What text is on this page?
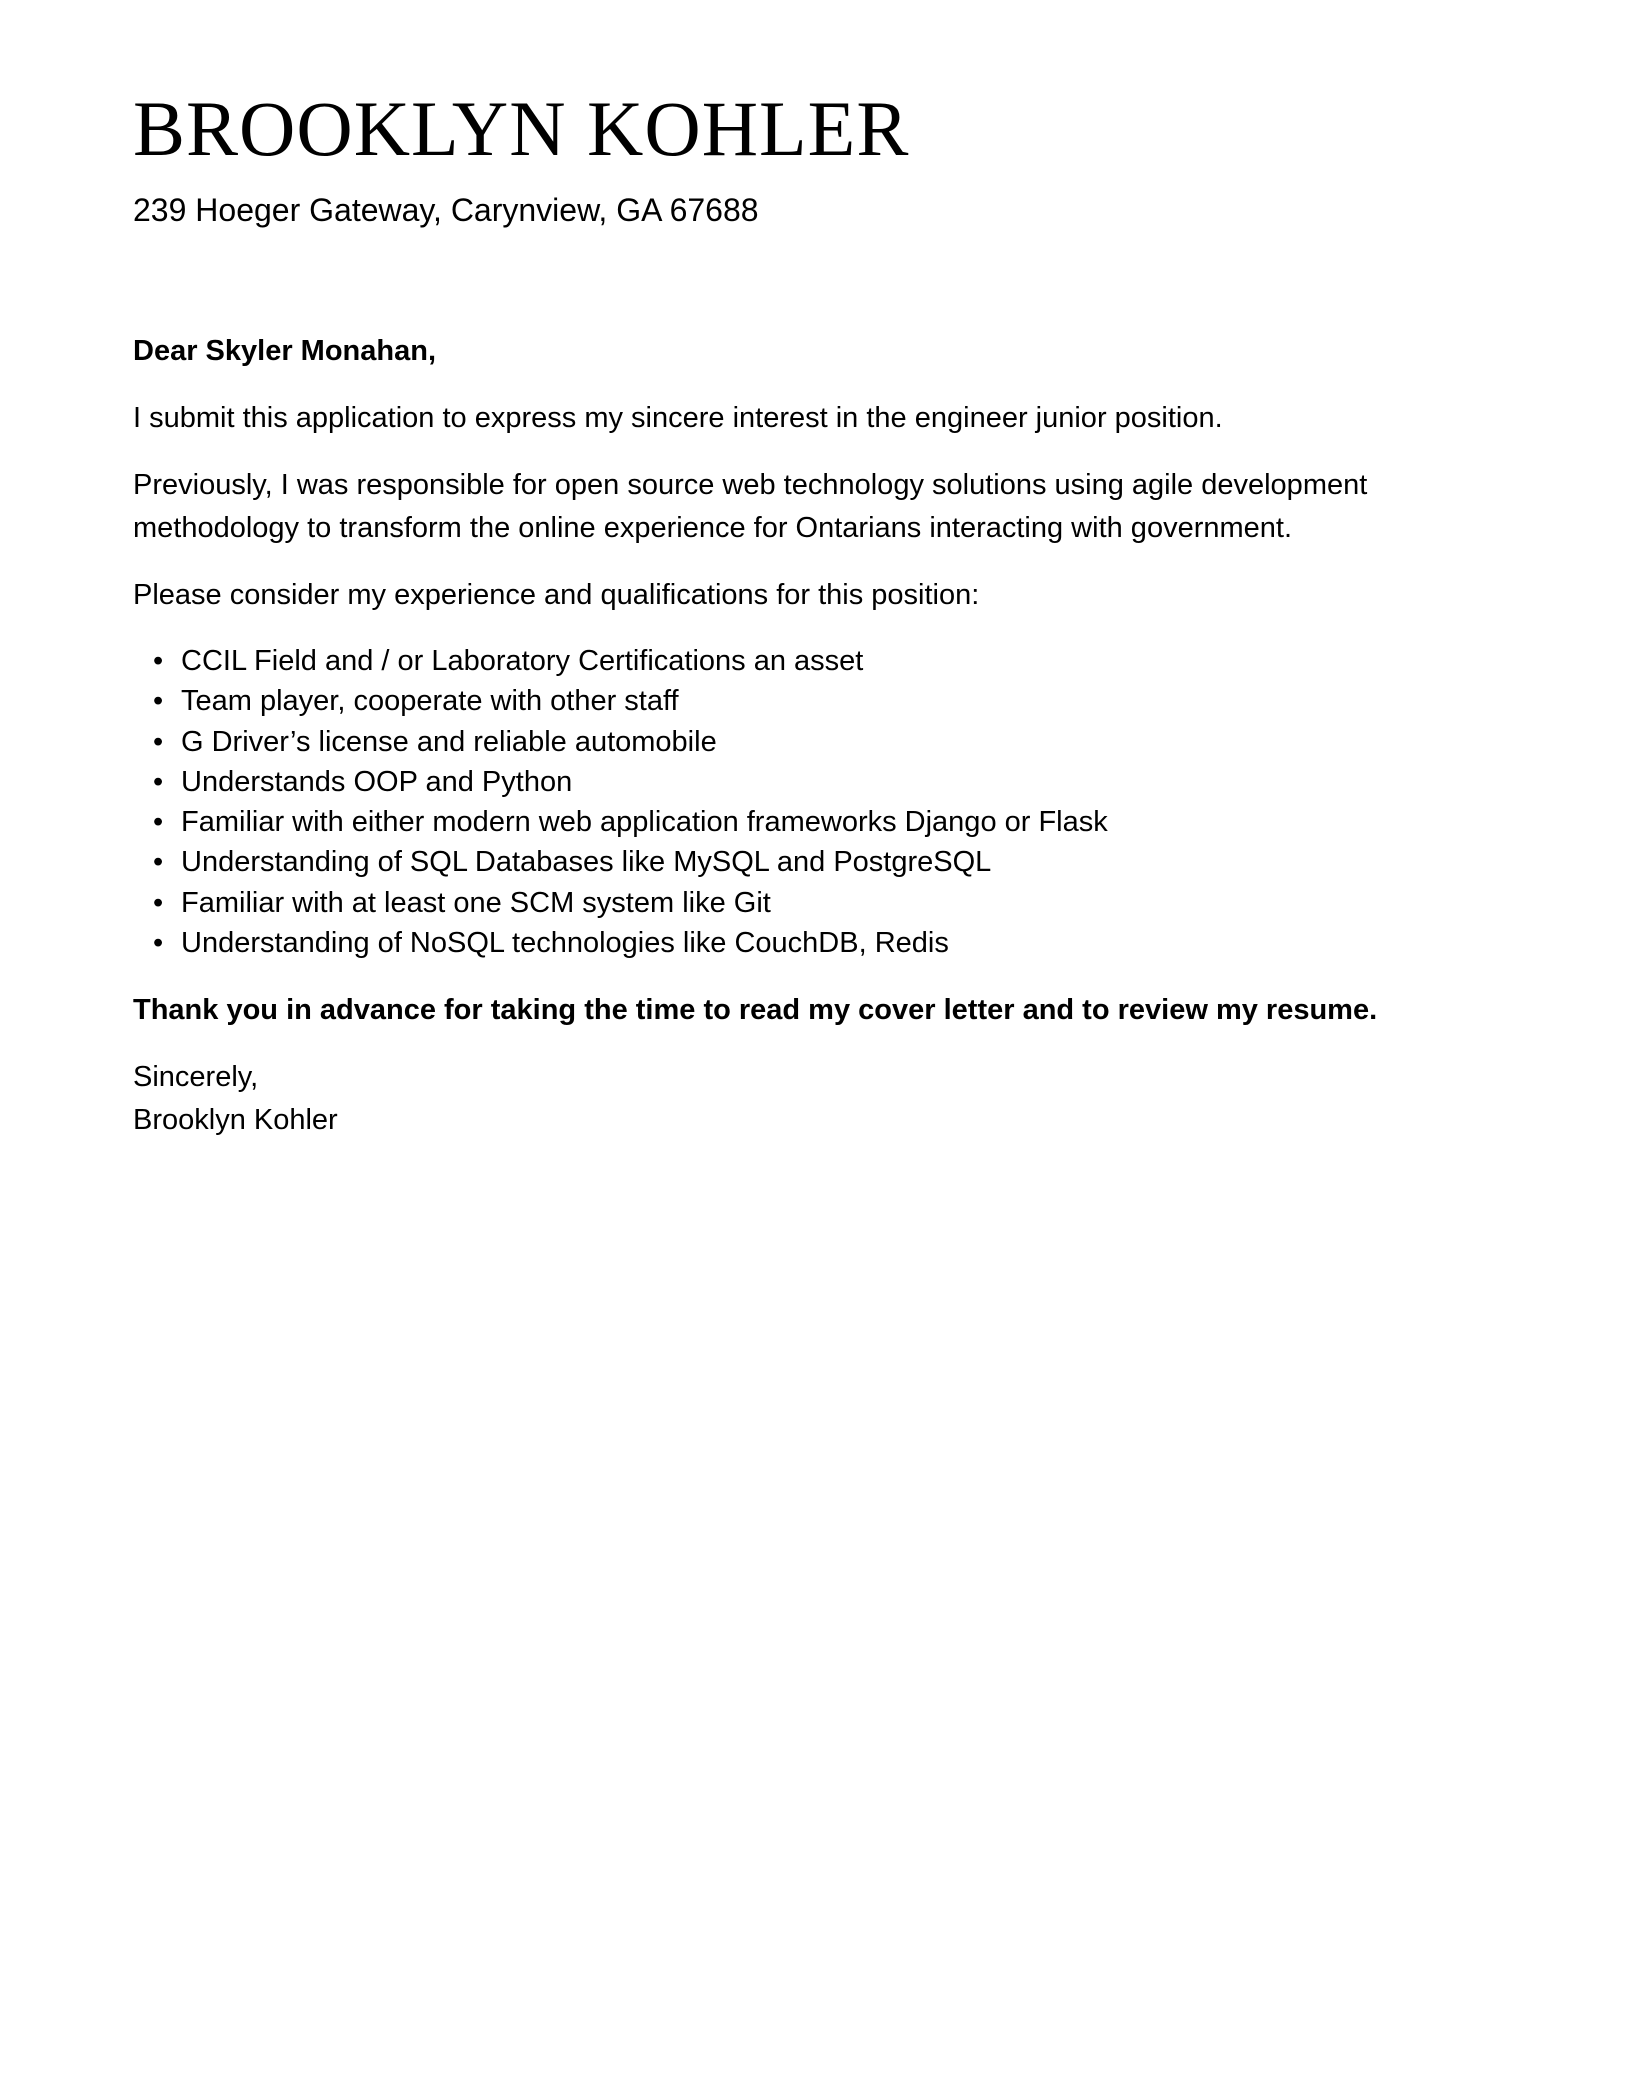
BROOKLYN KOHLER
239 Hoeger Gateway, Carynview, GA 67688

Dear Skyler Monahan,

I submit this application to express my sincere interest in the engineer junior position.

Previously, I was responsible for open source web technology solutions using agile development methodology to transform the online experience for Ontarians interacting with government.

Please consider my experience and qualifications for this position:

• CCIL Field and / or Laboratory Certifications an asset
• Team player, cooperate with other staff
• G Driver’s license and reliable automobile
• Understands OOP and Python
• Familiar with either modern web application frameworks Django or Flask
• Understanding of SQL Databases like MySQL and PostgreSQL
• Familiar with at least one SCM system like Git
• Understanding of NoSQL technologies like CouchDB, Redis

Thank you in advance for taking the time to read my cover letter and to review my resume.

Sincerely,

Brooklyn Kohler
